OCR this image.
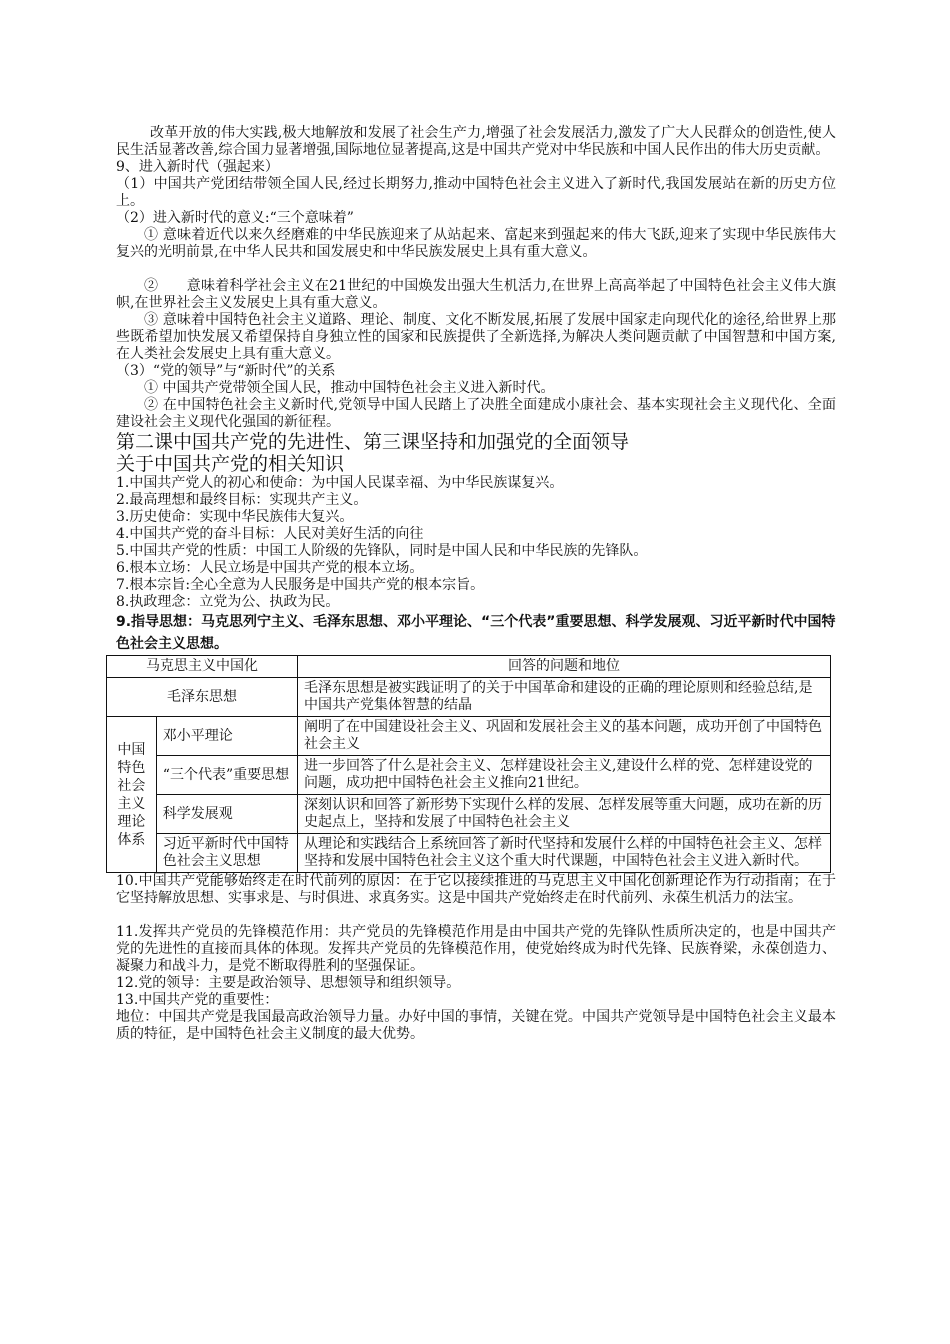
改革开放的伟大实践,极大地解放和发展了社会生产力,增强了社会发展活力,激发了广大人民群众的创造性,使人民生活显著改善,综合国力显著增强,国际地位显著提高,这是中国共产党对中华民族和中国人民作出的伟大历史贡献。

9、进入新时代（强起来）

（1）中国共产党团结带领全国人民,经过长期努力,推动中国特色社会主义进入了新时代,我国发展站在新的历史方位上。

（2）进入新时代的意义:“三个意味着”

① 意味着近代以来久经磨难的中华民族迎来了从站起来、富起来到强起来的伟大飞跃,迎来了实现中华民族伟大复兴的光明前景,在中华人民共和国发展史和中华民族发展史上具有重大意义。

②　　意味着科学社会主义在21世纪的中国焕发出强大生机活力,在世界上高高举起了中国特色社会主义伟大旗帜,在世界社会主义发展史上具有重大意义。

③ 意味着中国特色社会主义道路、理论、制度、文化不断发展,拓展了发展中国家走向现代化的途径,给世界上那些既希望加快发展又希望保持自身独立性的国家和民族提供了全新选择,为解决人类问题贡献了中国智慧和中国方案,在人类社会发展史上具有重大意义。

（3）“党的领导”与“新时代”的关系

① 中国共产党带领全国人民，推动中国特色社会主义进入新时代。

② 在中国特色社会主义新时代,党领导中国人民踏上了决胜全面建成小康社会、基本实现社会主义现代化、全面建设社会主义现代化强国的新征程。

第二课中国共产党的先进性、第三课坚持和加强党的全面领导

关于中国共产党的相关知识

1.中国共产党人的初心和使命：为中国人民谋幸福、为中华民族谋复兴。

2.最高理想和最终目标：实现共产主义。

3.历史使命：实现中华民族伟大复兴。

4.中国共产党的奋斗目标：人民对美好生活的向往

5.中国共产党的性质：中国工人阶级的先锋队，同时是中国人民和中华民族的先锋队。

6.根本立场：人民立场是中国共产党的根本立场。

7.根本宗旨:全心全意为人民服务是中国共产党的根本宗旨。

8.执政理念：立党为公、执政为民。

9.指导思想：马克思列宁主义、毛泽东思想、邓小平理论、“三个代表”重要思想、科学发展观、习近平新时代中国特色社会主义思想。

马克思主义中国化		回答的问题和地位
毛泽东思想		毛泽东思想是被实践证明了的关于中国革命和建设的正确的理论原则和经验总结,是中国共产党集体智慧的结晶

中国特色社会主义理论体系	邓小平理论	阐明了在中国建设社会主义、巩固和发展社会主义的基本问题，成功开创了中国特色社会主义
	“三个代表”重要思想	进一步回答了什么是社会主义、怎样建设社会主义,建设什么样的党、怎样建设党的问题，成功把中国特色社会主义推向21世纪。
	科学发展观	深刻认识和回答了新形势下实现什么样的发展、怎样发展等重大问题，成功在新的历史起点上，坚持和发展了中国特色社会主义
	习近平新时代中国特色社会主义思想	从理论和实践结合上系统回答了新时代坚持和发展什么样的中国特色社会主义、怎样坚持和发展中国特色社会主义这个重大时代课题，中国特色社会主义进入新时代。

10.中国共产党能够始终走在时代前列的原因：在于它以接续推进的马克思主义中国化创新理论作为行动指南；在于它坚持解放思想、实事求是、与时俱进、求真务实。这是中国共产党始终走在时代前列、永葆生机活力的法宝。

11.发挥共产党员的先锋模范作用：共产党员的先锋模范作用是由中国共产党的先锋队性质所决定的，也是中国共产党的先进性的直接而具体的体现。发挥共产党员的先锋模范作用，使党始终成为时代先锋、民族脊梁，永葆创造力、凝聚力和战斗力，是党不断取得胜利的坚强保证。

12.党的领导：主要是政治领导、思想领导和组织领导。

13.中国共产党的重要性：

地位：中国共产党是我国最高政治领导力量。办好中国的事情，关键在党。中国共产党领导是中国特色社会主义最本质的特征，是中国特色社会主义制度的最大优势。
